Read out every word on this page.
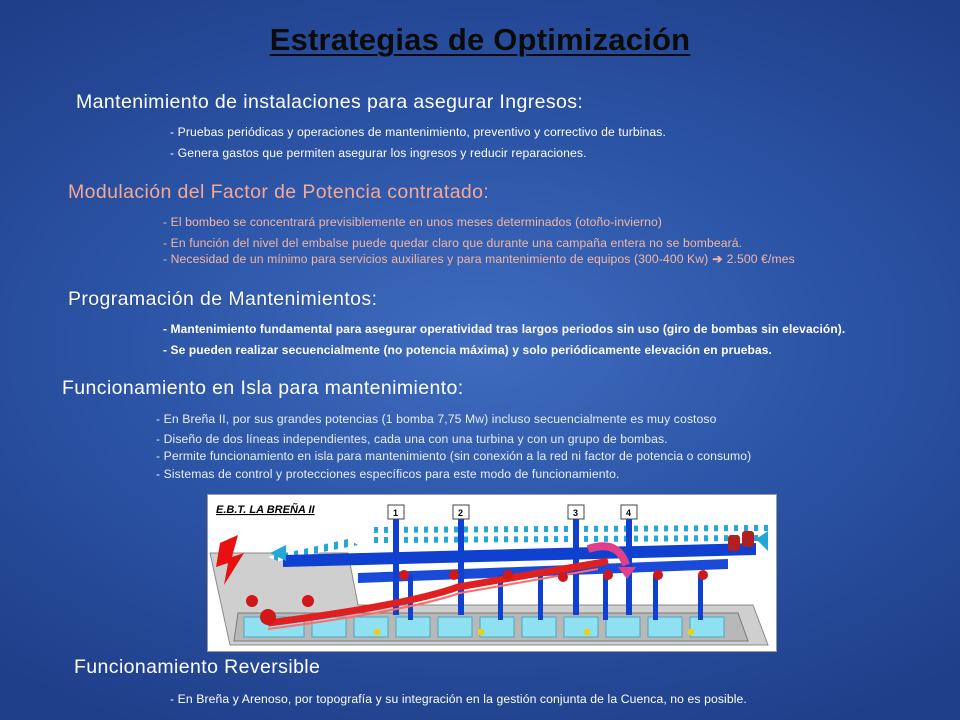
Estrategias de Optimización
Mantenimiento de instalaciones para asegurar Ingresos:
- Pruebas periódicas y operaciones de mantenimiento, preventivo y correctivo de turbinas.
- Genera gastos que permiten asegurar los ingresos y reducir reparaciones.
Modulación del Factor de Potencia contratado:
- El bombeo se concentrará previsiblemente en unos meses determinados (otoño-invierno)
- En función del nivel del embalse puede quedar claro que durante una campaña entera no se bombeará.
- Necesidad de un mínimo para servicios auxiliares y para mantenimiento de equipos (300-400 Kw) ➔ 2.500 €/mes
Programación de Mantenimientos:
- Mantenimiento fundamental para asegurar operatividad tras largos periodos sin uso (giro de bombas sin elevación).
- Se pueden realizar secuencialmente (no potencia máxima) y solo periódicamente elevación en pruebas.
Funcionamiento en Isla para mantenimiento:
- En Breña II, por sus grandes potencias (1 bomba 7,75 Mw) incluso secuencialmente es muy costoso
- Diseño de dos líneas independientes, cada una con una turbina y con un grupo de bombas.
- Permite funcionamiento en isla para mantenimiento (sin conexión a la red ni factor de potencia o consumo)
- Sistemas de control y protecciones específicos para este modo de funcionamiento.
E.B.T. LA BREÑA II	1	2	3	4
Funcionamiento Reversible
- En Breña y Arenoso, por topografía y su integración en la gestión conjunta de la Cuenca, no es posible.
